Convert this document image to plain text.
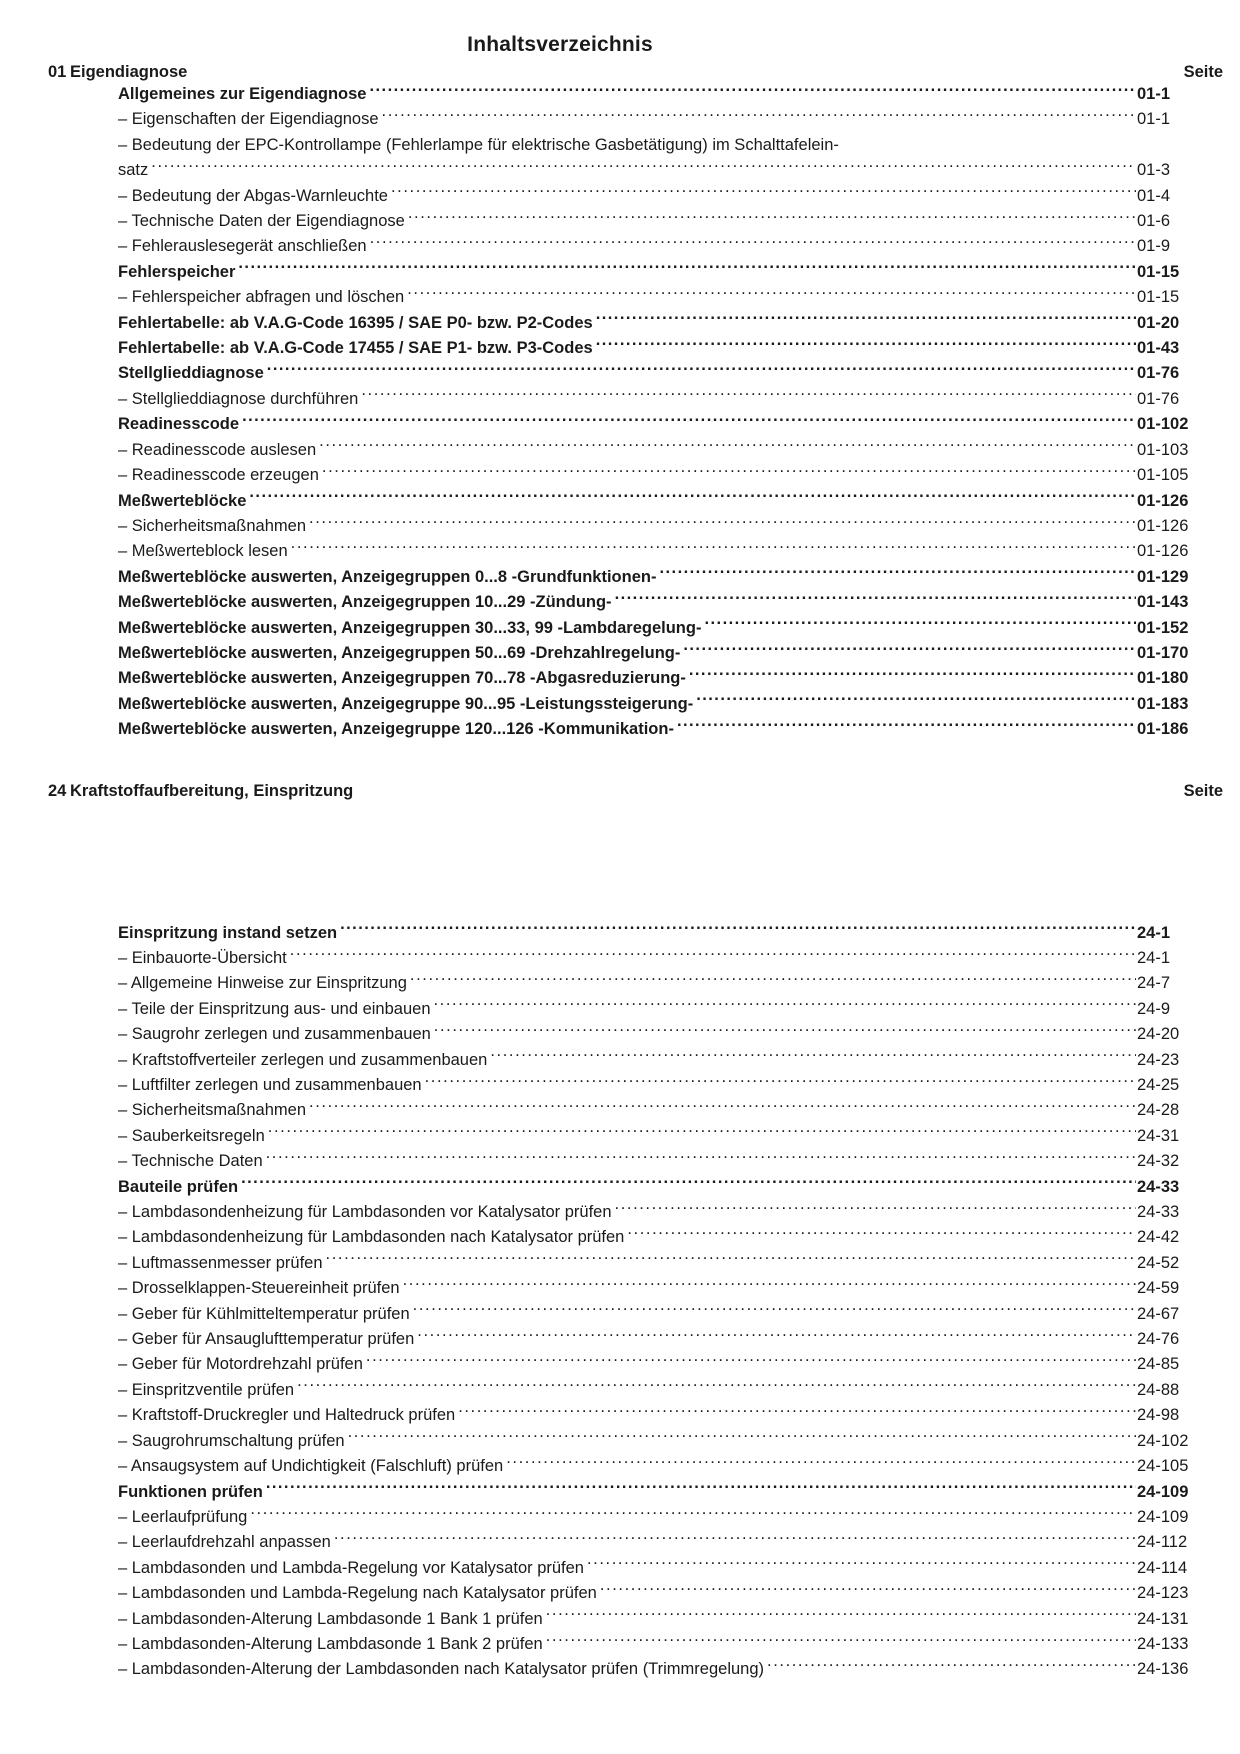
Inhaltsverzeichnis
01 Eigendiagnose	Seite
Allgemeines zur Eigendiagnose .....	01-1
– Eigenschaften der Eigendiagnose .....	01-1
– Bedeutung der EPC-Kontrollampe (Fehlerlampe für elektrische Gasbetätigung) im Schalttafelein-
satz .....	01-3
– Bedeutung der Abgas-Warnleuchte .....	01-4
– Technische Daten der Eigendiagnose .....	01-6
– Fehlerauslesegerät anschließen .....	01-9
Fehlerspeicher .....	01-15
– Fehlerspeicher abfragen und löschen .....	01-15
Fehlertabelle: ab V.A.G-Code 16395 / SAE P0- bzw. P2-Codes .....	01-20
Fehlertabelle: ab V.A.G-Code 17455 / SAE P1- bzw. P3-Codes .....	01-43
Stellglieddiagnose .....	01-76
– Stellglieddiagnose durchführen .....	01-76
Readinesscode .....	01-102
– Readinesscode auslesen .....	01-103
– Readinesscode erzeugen .....	01-105
Meßwerteblöcke .....	01-126
– Sicherheitsmaßnahmen .....	01-126
– Meßwerteblock lesen .....	01-126
Meßwerteblöcke auswerten, Anzeigegruppen 0...8 -Grundfunktionen- .....	01-129
Meßwerteblöcke auswerten, Anzeigegruppen 10...29 -Zündung- .....	01-143
Meßwerteblöcke auswerten, Anzeigegruppen 30...33, 99 -Lambdaregelung- .....	01-152
Meßwerteblöcke auswerten, Anzeigegruppen 50...69 -Drehzahlregelung- .....	01-170
Meßwerteblöcke auswerten, Anzeigegruppen 70...78 -Abgasreduzierung- .....	01-180
Meßwerteblöcke auswerten, Anzeigegruppe 90...95 -Leistungssteigerung- .....	01-183
Meßwerteblöcke auswerten, Anzeigegruppe 120...126 -Kommunikation- .....	01-186
24 Kraftstoffaufbereitung, Einspritzung	Seite
Einspritzung instand setzen .....	24-1
– Einbauorte-Übersicht .....	24-1
– Allgemeine Hinweise zur Einspritzung .....	24-7
– Teile der Einspritzung aus- und einbauen .....	24-9
– Saugrohr zerlegen und zusammenbauen .....	24-20
– Kraftstoffverteiler zerlegen und zusammenbauen .....	24-23
– Luftfilter zerlegen und zusammenbauen .....	24-25
– Sicherheitsmaßnahmen .....	24-28
– Sauberkeitsregeln .....	24-31
– Technische Daten .....	24-32
Bauteile prüfen .....	24-33
– Lambdasondenheizung für Lambdasonden vor Katalysator prüfen .....	24-33
– Lambdasondenheizung für Lambdasonden nach Katalysator prüfen .....	24-42
– Luftmassenmesser prüfen .....	24-52
– Drosselklappen-Steuereinheit prüfen .....	24-59
– Geber für Kühlmitteltemperatur prüfen .....	24-67
– Geber für Ansauglufttemperatur prüfen .....	24-76
– Geber für Motordrehzahl prüfen .....	24-85
– Einspritzventile prüfen .....	24-88
– Kraftstoff-Druckregler und Haltedruck prüfen .....	24-98
– Saugrohrumschaltung prüfen .....	24-102
– Ansaugsystem auf Undichtigkeit (Falschluft) prüfen .....	24-105
Funktionen prüfen .....	24-109
– Leerlaufprüfung .....	24-109
– Leerlaufdrehzahl anpassen .....	24-112
– Lambdasonden und Lambda-Regelung vor Katalysator prüfen .....	24-114
– Lambdasonden und Lambda-Regelung nach Katalysator prüfen .....	24-123
– Lambdasonden-Alterung Lambdasonde 1 Bank 1 prüfen .....	24-131
– Lambdasonden-Alterung Lambdasonde 1 Bank 2 prüfen .....	24-133
– Lambdasonden-Alterung der Lambdasonden nach Katalysator prüfen (Trimmregelung) .....	24-136
